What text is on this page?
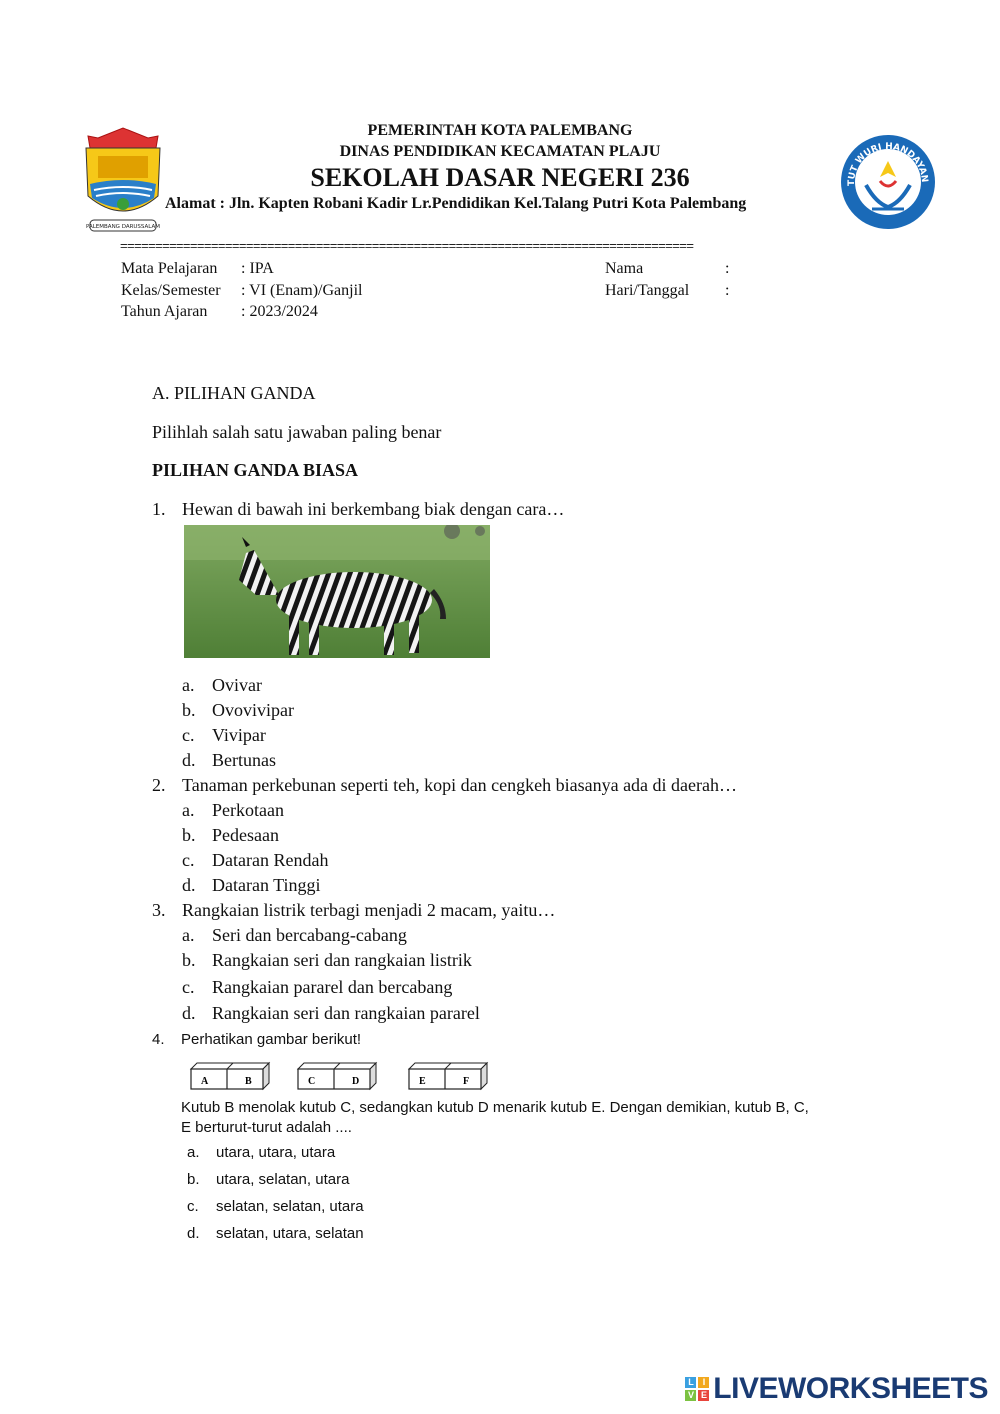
PALEMBANG DARUSSALAM
TUT WURI HANDAYAN
PEMERINTAH KOTA PALEMBANG
DINAS PENDIDIKAN KECAMATAN PLAJU
SEKOLAH DASAR NEGERI 236
Alamat : Jln. Kapten Robani Kadir Lr.Pendidikan Kel.Talang Putri Kota Palembang
==================================================================================
Mata Pelajaran : IPA
Kelas/Semester : VI (Enam)/Ganjil
Tahun Ajaran : 2023/2024
Nama	:
Hari/Tanggal :
A. PILIHAN GANDA
Pilihlah salah satu jawaban paling benar
PILIHAN GANDA BIASA
1. Hewan di bawah ini berkembang biak dengan cara…
a. Ovivar
b. Ovovivipar
c. Vivipar
d. Bertunas
2. Tanaman perkebunan seperti teh, kopi dan cengkeh biasanya ada di daerah…
a. Perkotaan
b. Pedesaan
c. Dataran Rendah
d. Dataran Tinggi
3. Rangkaian listrik terbagi menjadi 2 macam, yaitu…
a. Seri dan bercabang-cabang
b. Rangkaian seri dan rangkaian listrik
c. Rangkaian pararel dan bercabang
d. Rangkaian seri dan rangkaian pararel
4. Perhatikan gambar berikut!
A	B	C	D	E	F
Kutub B menolak kutub C, sedangkan kutub D menarik kutub E. Dengan demikian, kutub B, C,
E berturut-turut adalah ....
a. utara, utara, utara
b. utara, selatan, utara
c. selatan, selatan, utara
d. selatan, utara, selatan
L	I
V E LIVEWORKSHEETS
